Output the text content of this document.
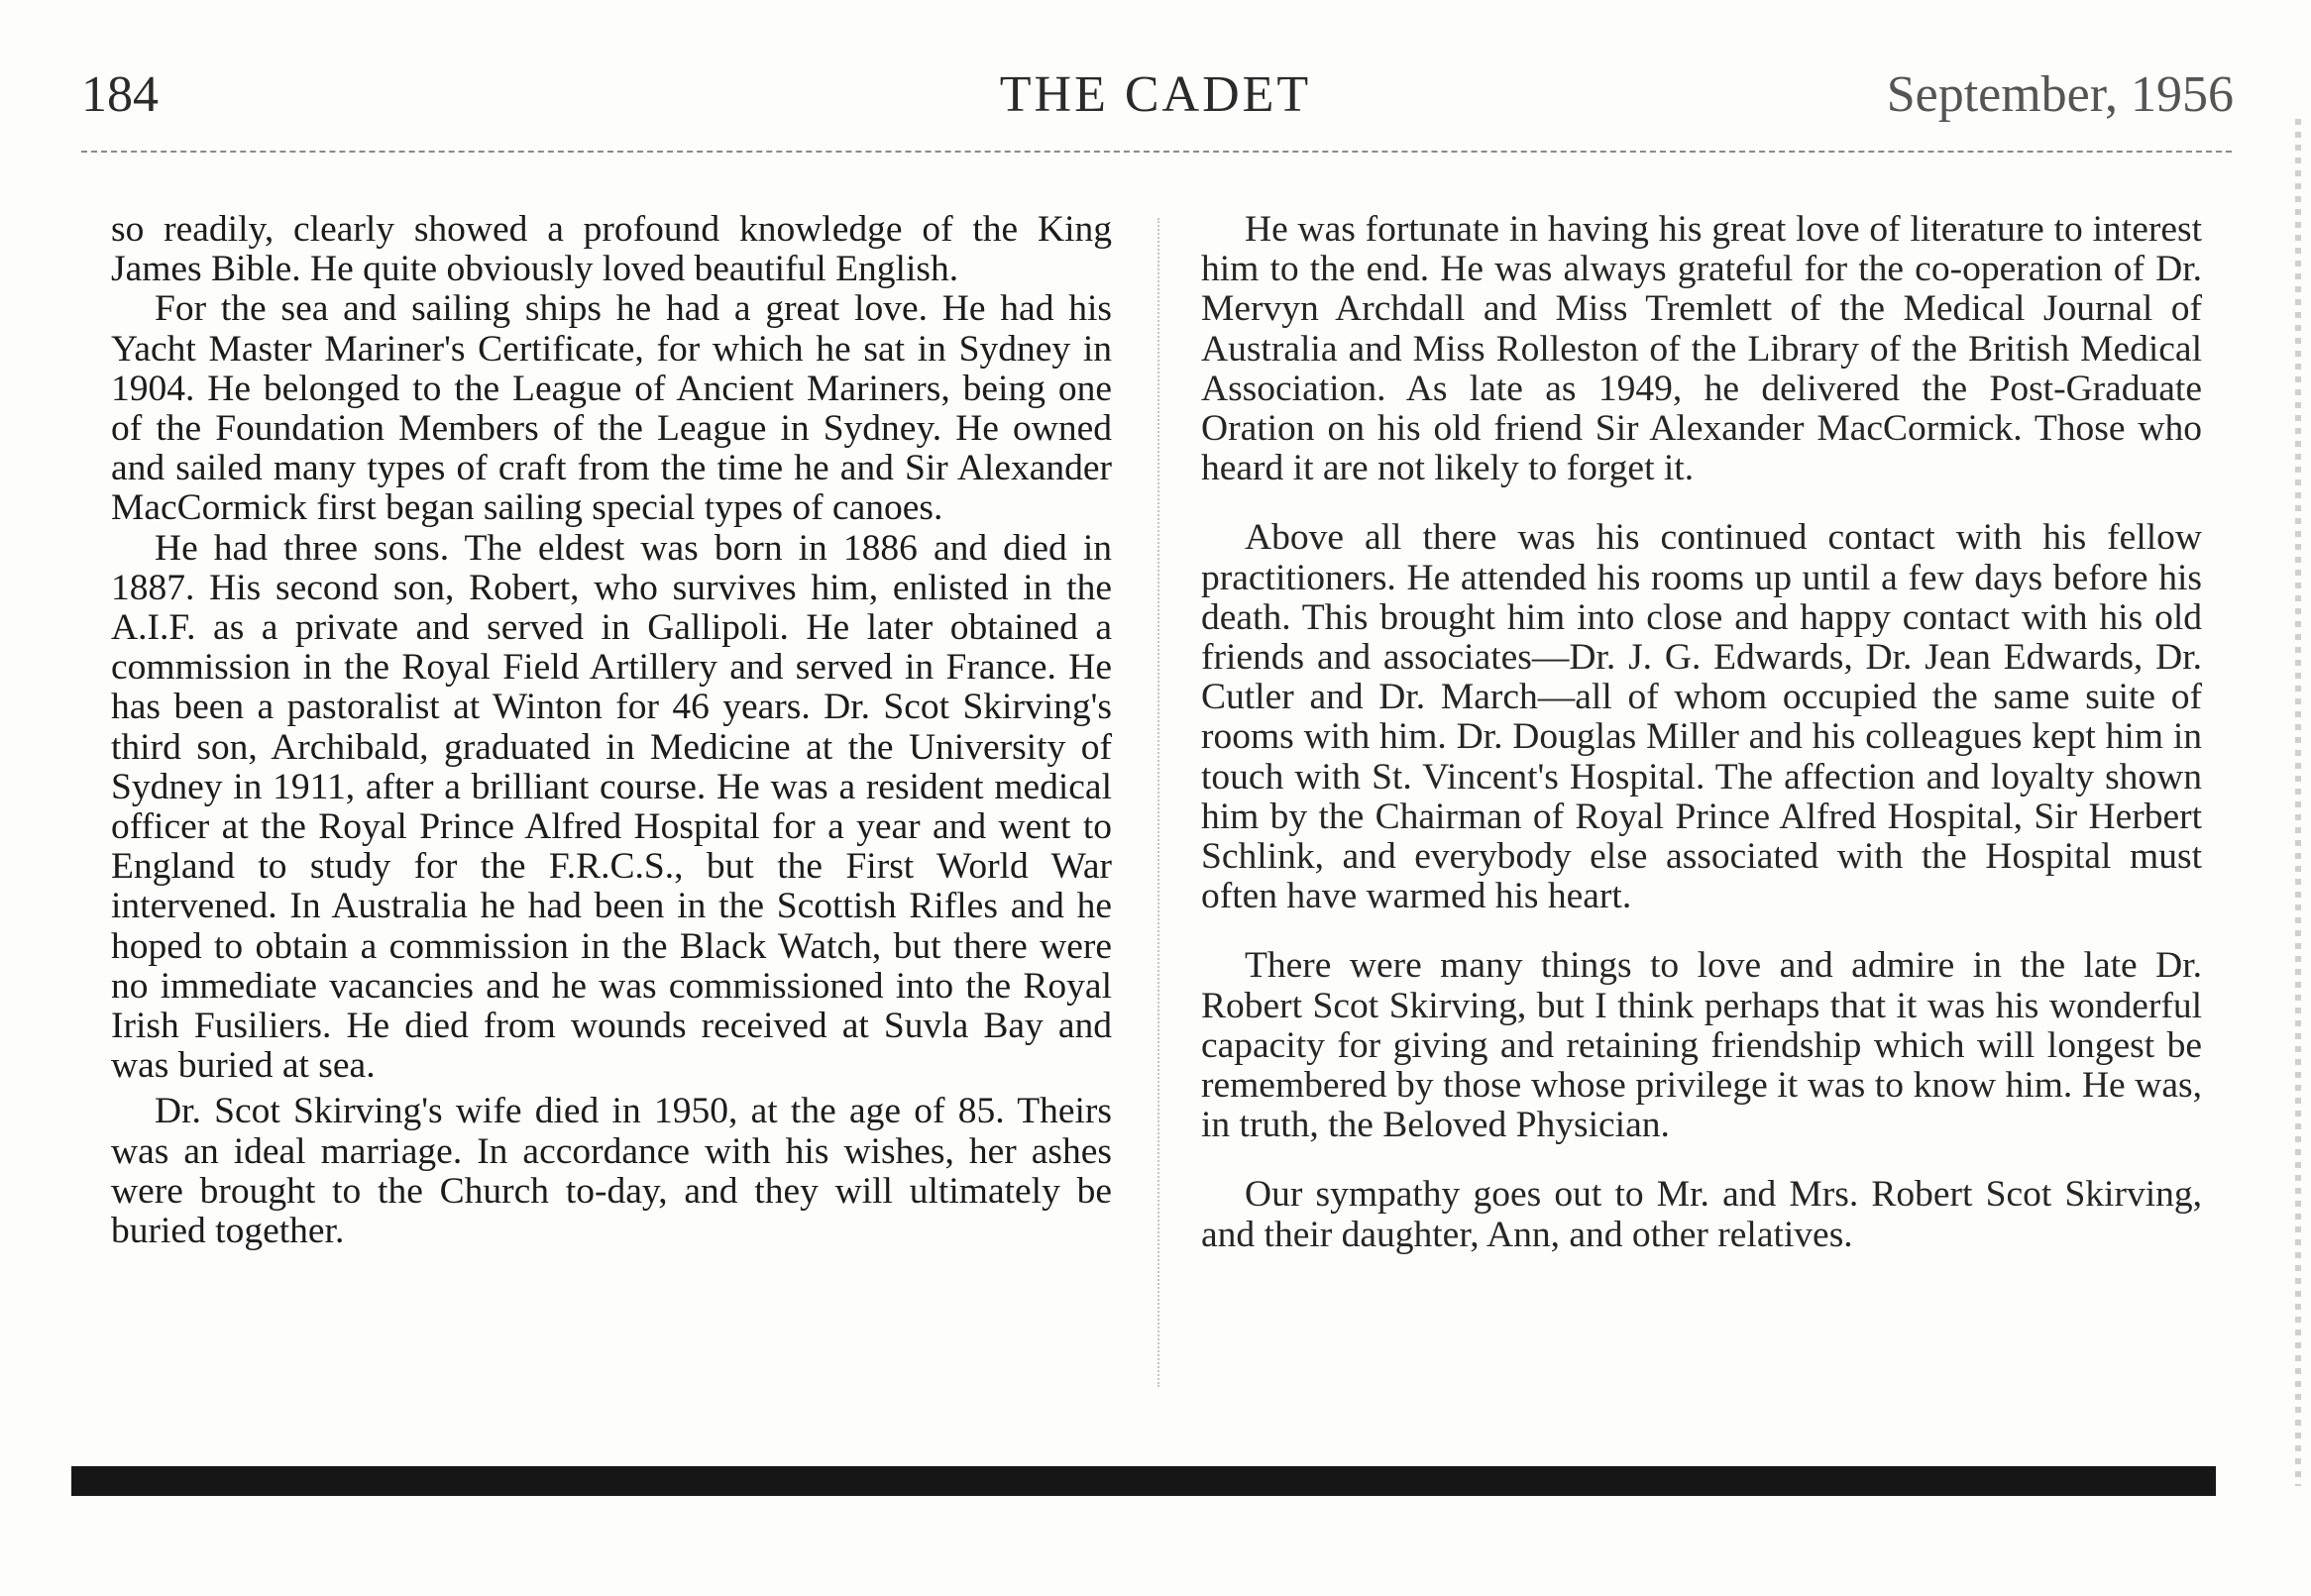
184	THE CADET	September, 1956

so readily, clearly showed a profound knowledge of the King James Bible. He quite obviously loved beautiful English.

For the sea and sailing ships he had a great love. He had his Yacht Master Mariner's Certificate, for which he sat in Sydney in 1904. He belonged to the League of Ancient Mariners, being one of the Foundation Members of the League in Sydney. He owned and sailed many types of craft from the time he and Sir Alexander MacCormick first began sailing special types of canoes.

He had three sons. The eldest was born in 1886 and died in 1887. His second son, Robert, who survives him, enlisted in the A.I.F. as a private and served in Gallipoli. He later obtained a commission in the Royal Field Artillery and served in France. He has been a pastoralist at Winton for 46 years. Dr. Scot Skirving's third son, Archibald, graduated in Medicine at the University of Sydney in 1911, after a brilliant course. He was a resident medical officer at the Royal Prince Alfred Hospital for a year and went to England to study for the F.R.C.S., but the First World War intervened. In Australia he had been in the Scottish Rifles and he hoped to obtain a commission in the Black Watch, but there were no immediate vacancies and he was commissioned into the Royal Irish Fusiliers. He died from wounds received at Suvla Bay and was buried at sea.

Dr. Scot Skirving's wife died in 1950, at the age of 85. Theirs was an ideal marriage. In accordance with his wishes, her ashes were brought to the Church to-day, and they will ultimately be buried together.

He was fortunate in having his great love of literature to interest him to the end. He was always grateful for the co-operation of Dr. Mervyn Archdall and Miss Tremlett of the Medical Journal of Australia and Miss Rolleston of the Library of the British Medical Association. As late as 1949, he delivered the Post-Graduate Oration on his old friend Sir Alexander MacCormick. Those who heard it are not likely to forget it.

Above all there was his continued contact with his fellow practitioners. He attended his rooms up until a few days before his death. This brought him into close and happy contact with his old friends and associates—Dr. J. G. Edwards, Dr. Jean Edwards, Dr. Cutler and Dr. March—all of whom occupied the same suite of rooms with him. Dr. Douglas Miller and his colleagues kept him in touch with St. Vincent's Hospital. The affection and loyalty shown him by the Chairman of Royal Prince Alfred Hospital, Sir Herbert Schlink, and everybody else associated with the Hospital must often have warmed his heart.

There were many things to love and admire in the late Dr. Robert Scot Skirving, but I think perhaps that it was his wonderful capacity for giving and retaining friendship which will longest be remembered by those whose privilege it was to know him. He was, in truth, the Beloved Physician.

Our sympathy goes out to Mr. and Mrs. Robert Scot Skirving, and their daughter, Ann, and other relatives.
